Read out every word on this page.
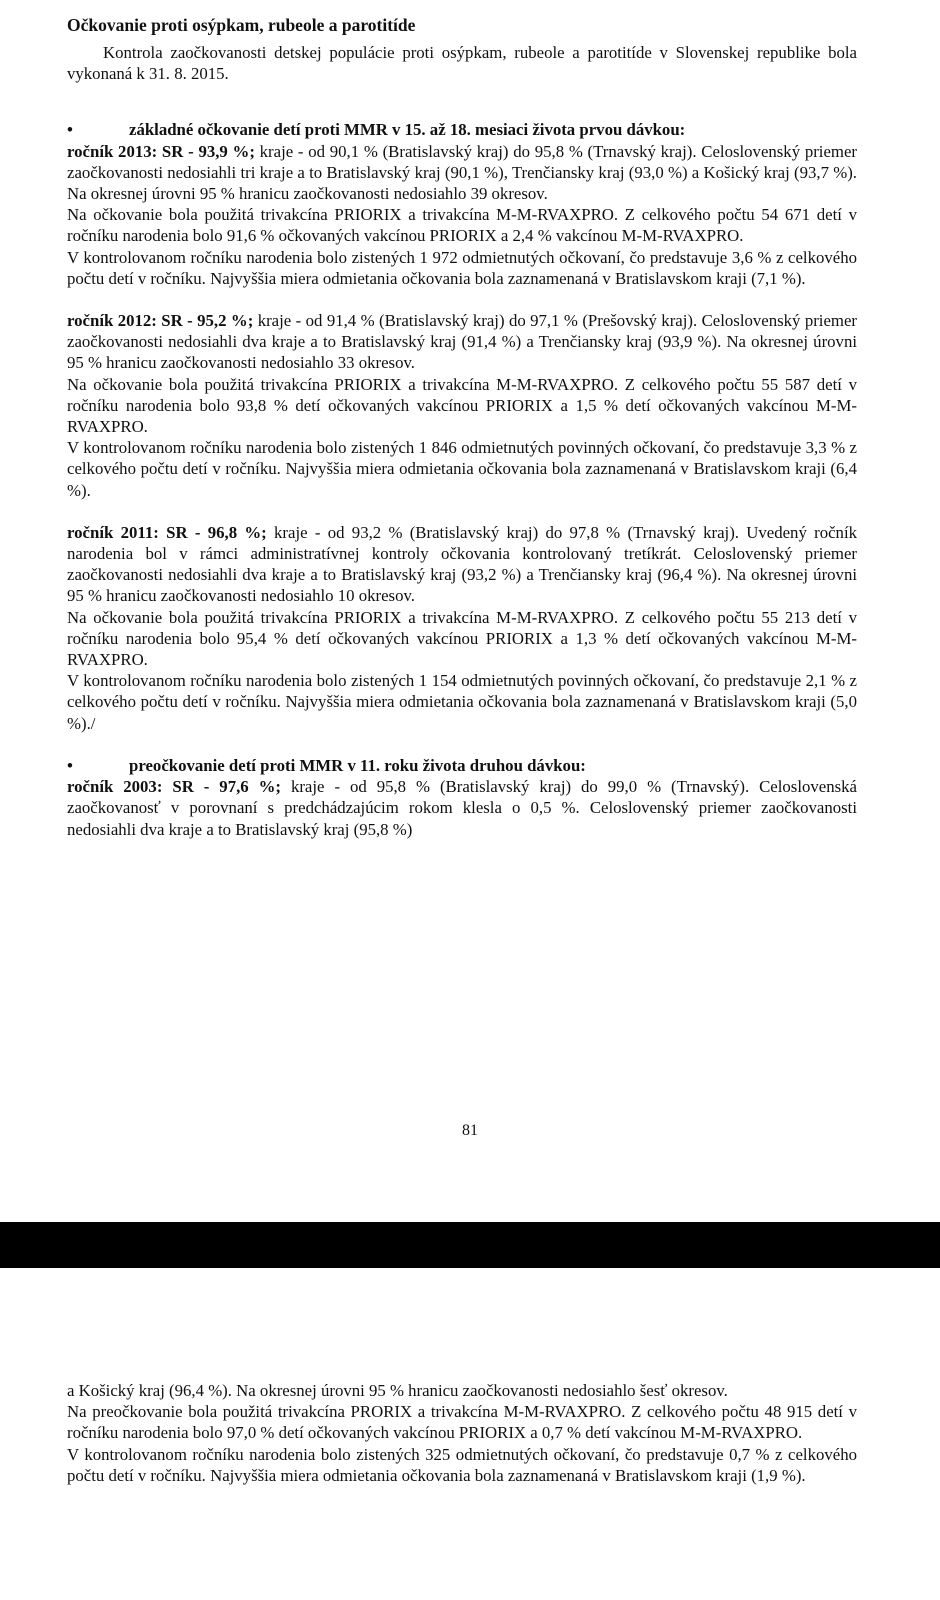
Očkovanie proti osýpkam, rubeole a parotitíde

Kontrola zaočkovanosti detskej populácie proti osýpkam, rubeole a parotitíde v Slovenskej republike bola vykonaná k 31. 8. 2015.

•	základné očkovanie detí proti MMR v 15. až 18. mesiaci života prvou dávkou:

ročník 2013: SR - 93,9 %; kraje - od 90,1 % (Bratislavský kraj) do 95,8 % (Trnavský kraj). Celoslovenský priemer zaočkovanosti nedosiahli tri kraje a to Bratislavský kraj (90,1 %), Trenčiansky kraj (93,0 %) a Košický kraj (93,7 %). Na okresnej úrovni 95 % hranicu zaočkovanosti nedosiahlo 39 okresov.

Na očkovanie bola použitá trivakcína PRIORIX a trivakcína M-M-RVAXPRO. Z celkového počtu 54 671 detí v ročníku narodenia bolo 91,6 % očkovaných vakcínou PRIORIX a 2,4 % vakcínou M-M-RVAXPRO.

V kontrolovanom ročníku narodenia bolo zistených 1 972 odmietnutých očkovaní, čo predstavuje 3,6 % z celkového počtu detí v ročníku. Najvyššia miera odmietania očkovania bola zaznamenaná v Bratislavskom kraji (7,1 %).

ročník 2012: SR - 95,2 %; kraje - od 91,4 % (Bratislavský kraj) do 97,1 % (Prešovský kraj). Celoslovenský priemer zaočkovanosti nedosiahli dva kraje a to Bratislavský kraj (91,4 %) a Trenčiansky kraj (93,9 %). Na okresnej úrovni 95 % hranicu zaočkovanosti nedosiahlo 33 okresov.

Na očkovanie bola použitá trivakcína PRIORIX a trivakcína M-M-RVAXPRO. Z celkového počtu 55 587 detí v ročníku narodenia bolo 93,8 % detí očkovaných vakcínou PRIORIX a 1,5 % detí očkovaných vakcínou M-M-RVAXPRO.

V kontrolovanom ročníku narodenia bolo zistených 1 846 odmietnutých povinných očkovaní, čo predstavuje 3,3 % z celkového počtu detí v ročníku. Najvyššia miera odmietania očkovania bola zaznamenaná v Bratislavskom kraji (6,4 %).

ročník 2011: SR - 96,8 %; kraje - od 93,2 % (Bratislavský kraj) do 97,8 % (Trnavský kraj). Uvedený ročník narodenia bol v rámci administratívnej kontroly očkovania kontrolovaný tretíkrát. Celoslovenský priemer zaočkovanosti nedosiahli dva kraje a to Bratislavský kraj (93,2 %) a Trenčiansky kraj (96,4 %). Na okresnej úrovni 95 % hranicu zaočkovanosti nedosiahlo 10 okresov.

Na očkovanie bola použitá trivakcína PRIORIX a trivakcína M-M-RVAXPRO. Z celkového počtu 55 213 detí v ročníku narodenia bolo 95,4 % detí očkovaných vakcínou PRIORIX a 1,3 % detí očkovaných vakcínou M-M-RVAXPRO.

V kontrolovanom ročníku narodenia bolo zistených 1 154 odmietnutých povinných očkovaní, čo predstavuje 2,1 % z celkového počtu detí v ročníku. Najvyššia miera odmietania očkovania bola zaznamenaná v Bratislavskom kraji (5,0 %)./

•	preočkovanie detí proti MMR v 11. roku života druhou dávkou:

ročník 2003: SR - 97,6 %; kraje - od 95,8 % (Bratislavský kraj) do 99,0 % (Trnavský). Celoslovenská zaočkovanosť v porovnaní s predchádzajúcim rokom klesla o 0,5 %. Celoslovenský priemer zaočkovanosti nedosiahli dva kraje a to Bratislavský kraj (95,8 %)

81

a Košický kraj (96,4 %). Na okresnej úrovni 95 % hranicu zaočkovanosti nedosiahlo šesť okresov.

Na preočkovanie bola použitá trivakcína PRORIX a trivakcína M-M-RVAXPRO. Z celkového počtu 48 915 detí v ročníku narodenia bolo 97,0 % detí očkovaných vakcínou PRIORIX a 0,7 % detí vakcínou M-M-RVAXPRO.

V kontrolovanom ročníku narodenia bolo zistených 325 odmietnutých očkovaní, čo predstavuje 0,7 % z celkového počtu detí v ročníku. Najvyššia miera odmietania očkovania bola zaznamenaná v Bratislavskom kraji (1,9 %).
